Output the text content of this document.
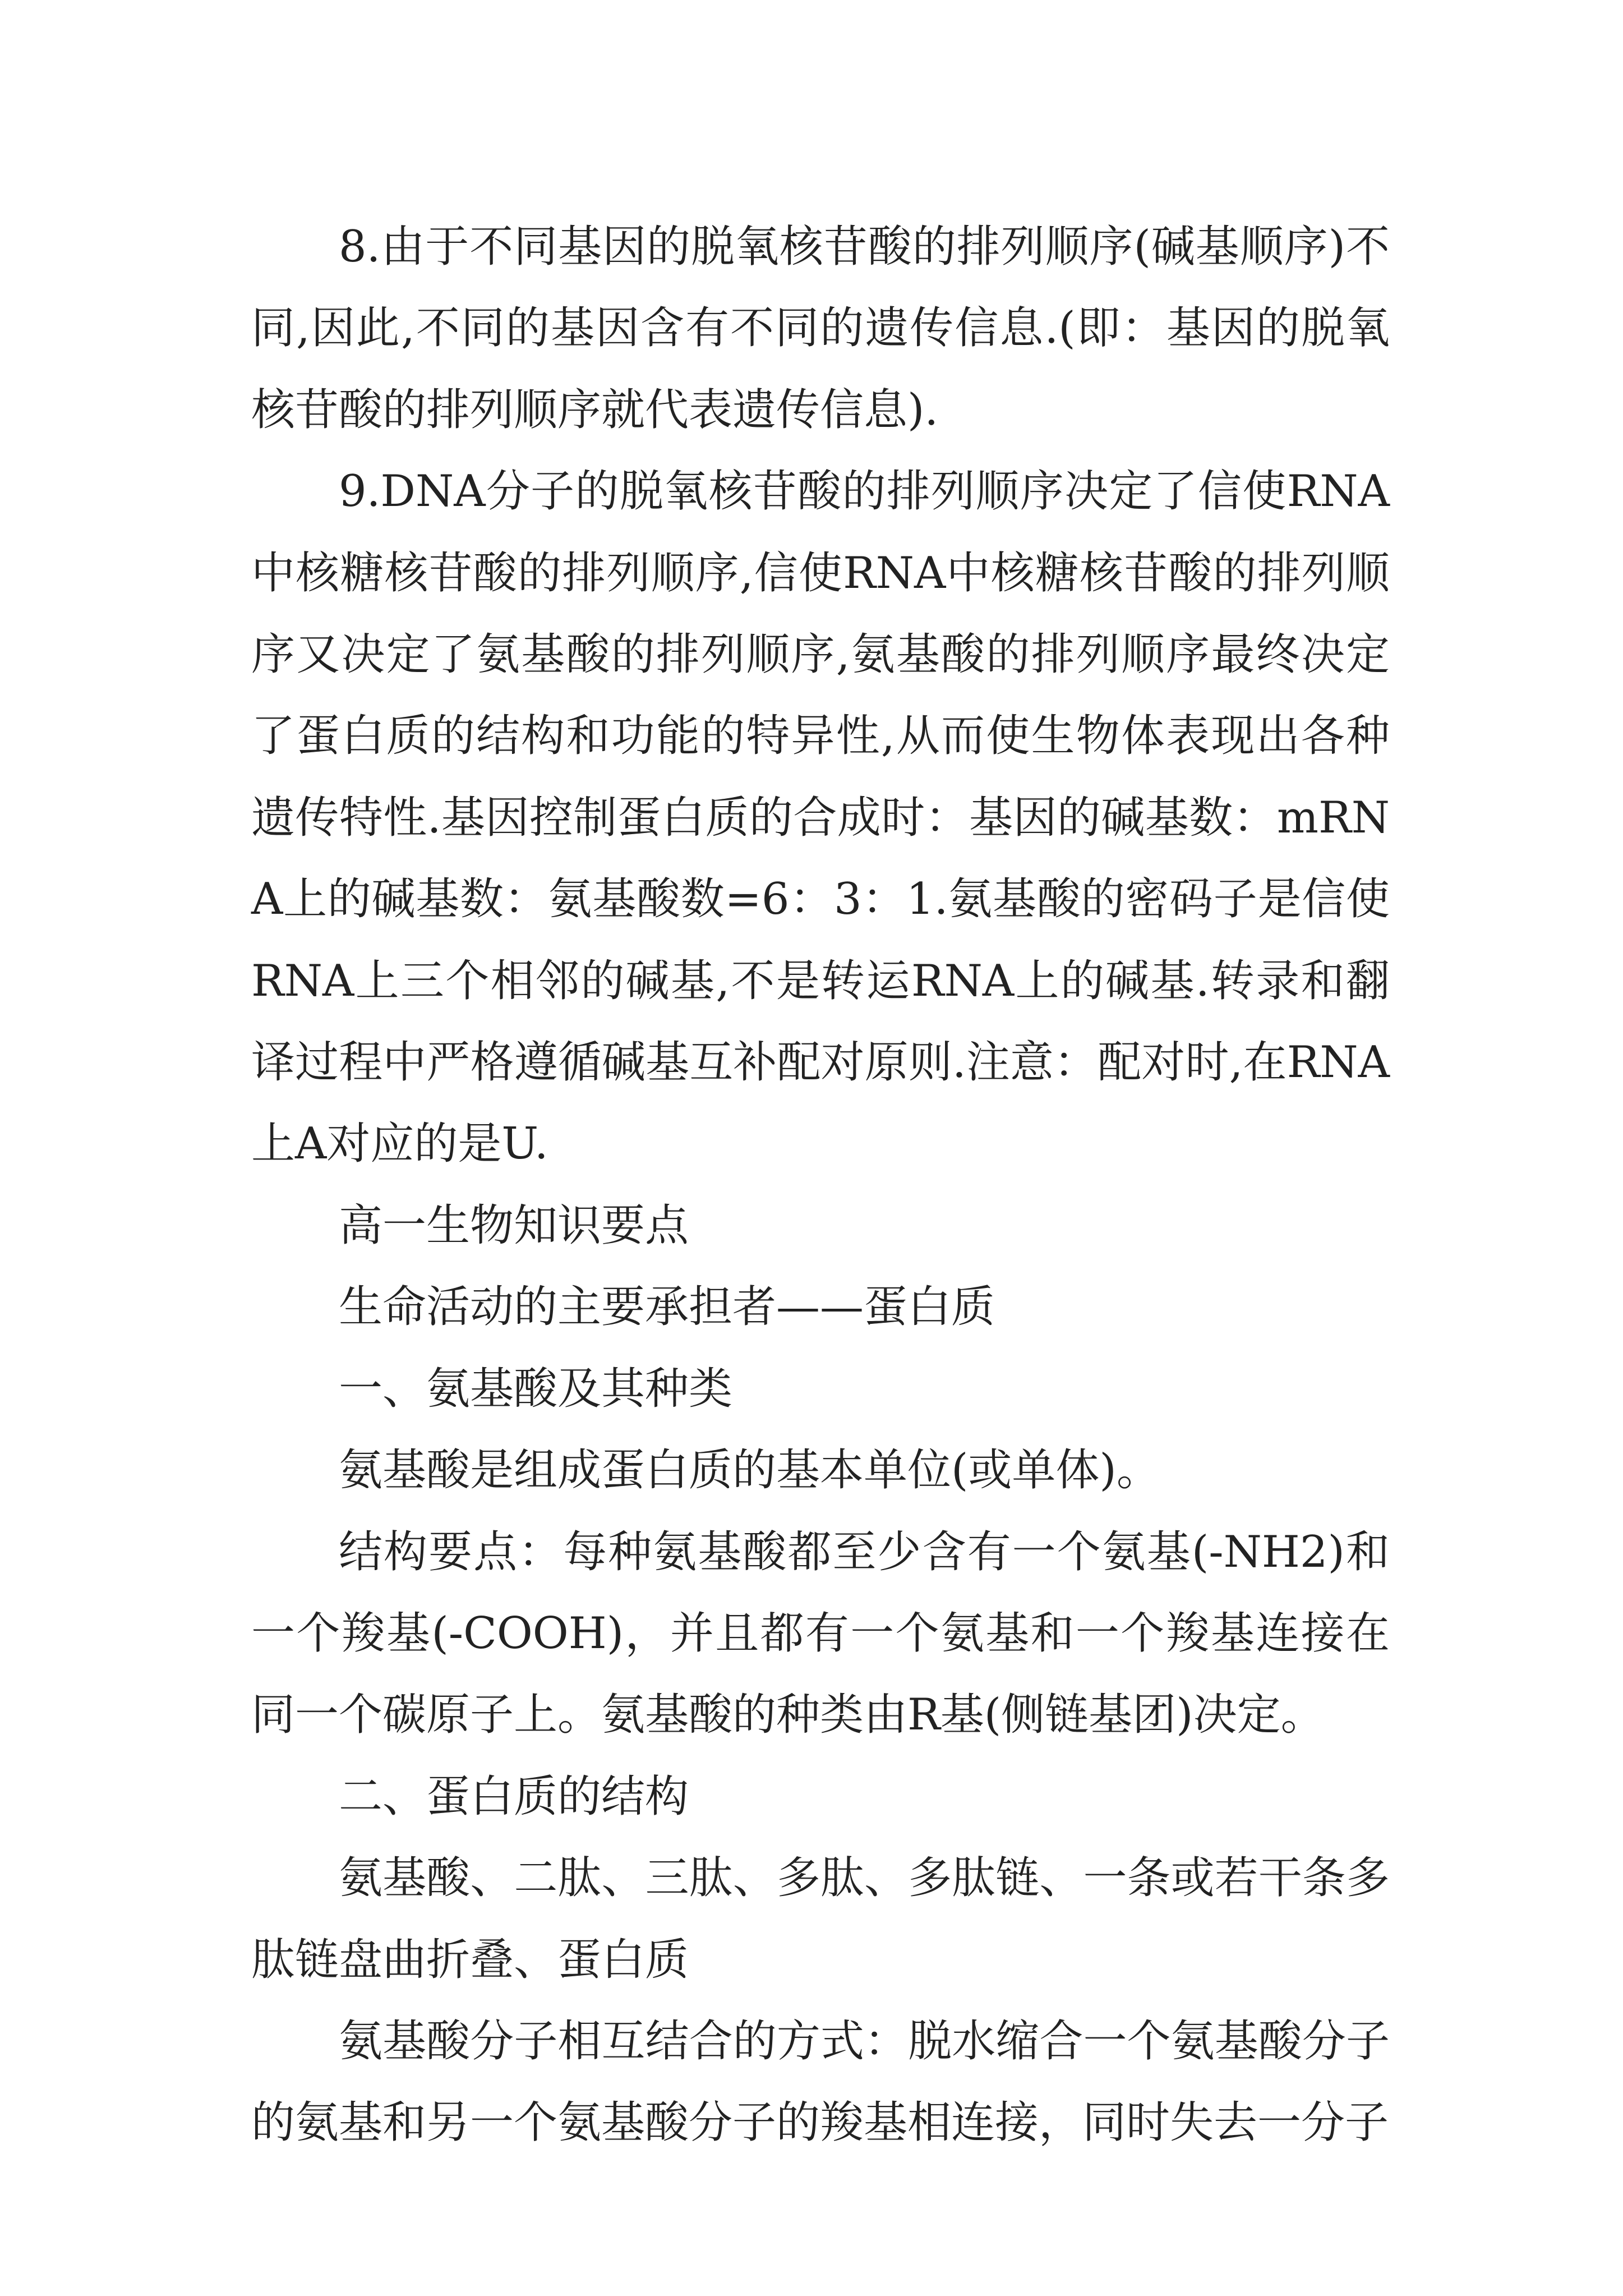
8.由于不同基因的脱氧核苷酸的排列顺序(碱基顺序)不同,因此,不同的基因含有不同的遗传信息.(即：基因的脱氧核苷酸的排列顺序就代表遗传信息).

9.DNA分子的脱氧核苷酸的排列顺序决定了信使RNA中核糖核苷酸的排列顺序,信使RNA中核糖核苷酸的排列顺序又决定了氨基酸的排列顺序,氨基酸的排列顺序最终决定了蛋白质的结构和功能的特异性,从而使生物体表现出各种遗传特性.基因控制蛋白质的合成时：基因的碱基数：mRNA上的碱基数：氨基酸数=6：3：1.氨基酸的密码子是信使RNA上三个相邻的碱基,不是转运RNA上的碱基.转录和翻译过程中严格遵循碱基互补配对原则.注意：配对时,在RNA上A对应的是U.

高一生物知识要点

生命活动的主要承担者——蛋白质

一、氨基酸及其种类

氨基酸是组成蛋白质的基本单位(或单体)。

结构要点：每种氨基酸都至少含有一个氨基(-NH2)和一个羧基(-COOH)，并且都有一个氨基和一个羧基连接在同一个碳原子上。氨基酸的种类由R基(侧链基团)决定。

二、蛋白质的结构

氨基酸、二肽、三肽、多肽、多肽链、一条或若干条多肽链盘曲折叠、蛋白质

氨基酸分子相互结合的方式：脱水缩合一个氨基酸分子的氨基和另一个氨基酸分子的羧基相连接，同时失去一分子
